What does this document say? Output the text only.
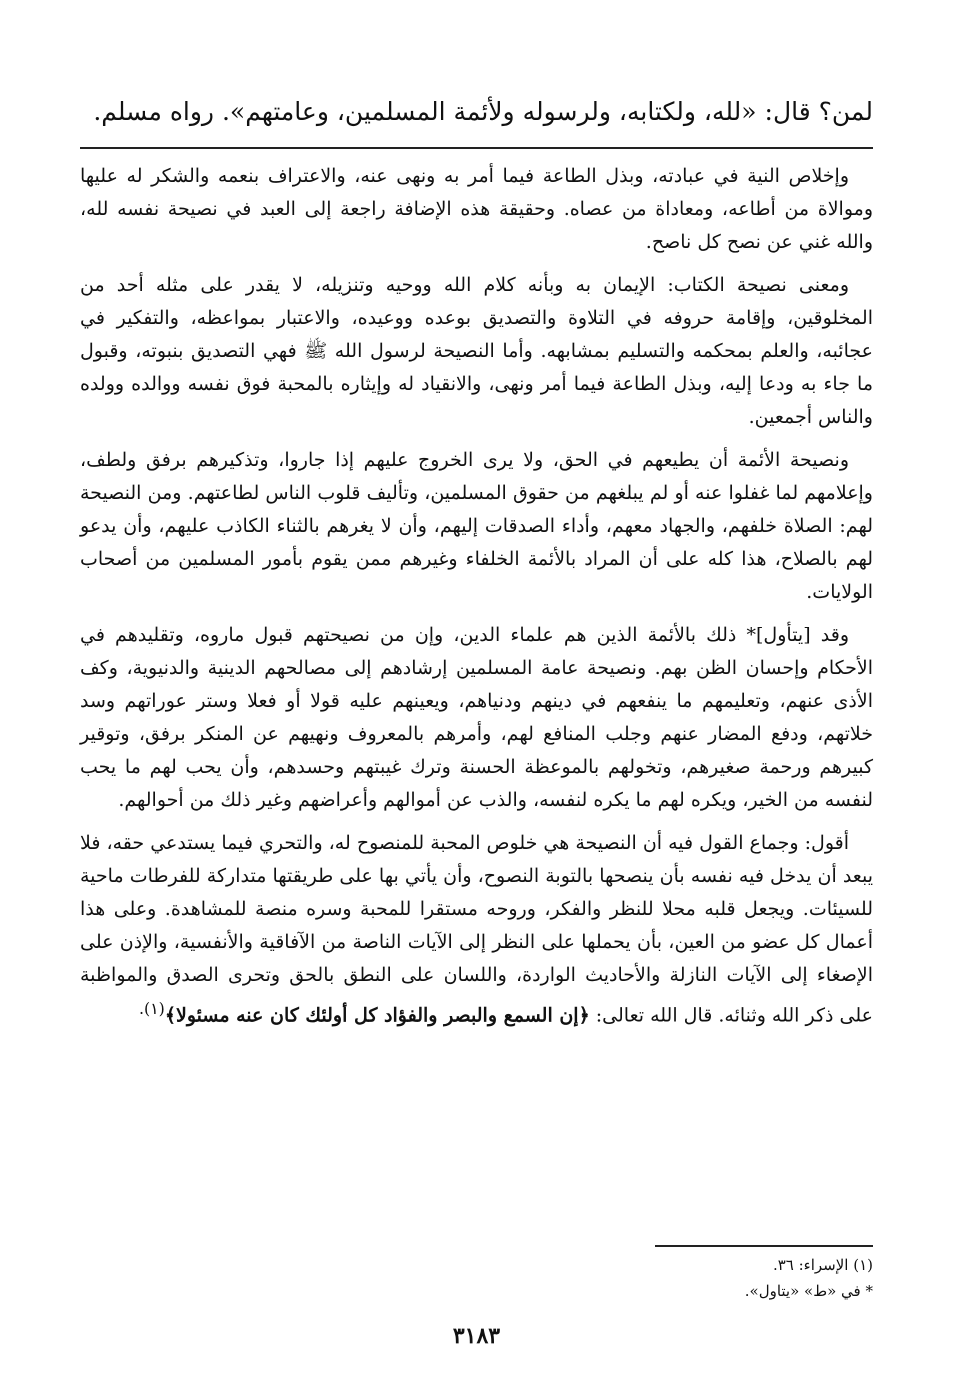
لمن؟ قال: «لله، ولكتابه، ولرسوله ولأئمة المسلمين، وعامتهم». رواه مسلم.

وإخلاص النية في عبادته، وبذل الطاعة فيما أمر به ونهى عنه، والاعتراف بنعمه والشكر له عليها وموالاة من أطاعه، ومعاداة من عصاه. وحقيقة هذه الإضافة راجعة إلى العبد في نصيحة نفسه لله، والله غني عن نصح كل ناصح.

ومعنى نصيحة الكتاب: الإيمان به وبأنه كلام الله ووحيه وتنزيله، لا يقدر على مثله أحد من المخلوقين، وإقامة حروفه في التلاوة والتصديق بوعده ووعيده، والاعتبار بمواعظه، والتفكير في عجائبه، والعلم بمحكمه والتسليم بمشابهه. وأما النصيحة لرسول الله ﷺ فهي التصديق بنبوته، وقبول ما جاء به ودعا إليه، وبذل الطاعة فيما أمر ونهى، والانقياد له وإيثاره بالمحبة فوق نفسه ووالده وولده والناس أجمعين.

ونصيحة الأئمة أن يطيعهم في الحق، ولا يرى الخروج عليهم إذا جاروا، وتذكيرهم برفق ولطف، وإعلامهم لما غفلوا عنه أو لم يبلغهم من حقوق المسلمين، وتأليف قلوب الناس لطاعتهم. ومن النصيحة لهم: الصلاة خلفهم، والجهاد معهم، وأداء الصدقات إليهم، وأن لا يغرهم بالثناء الكاذب عليهم، وأن يدعو لهم بالصلاح، هذا كله على أن المراد بالأئمة الخلفاء وغيرهم ممن يقوم بأمور المسلمين من أصحاب الولايات.

وقد [يتأول]* ذلك بالأئمة الذين هم علماء الدين، وإن من نصيحتهم قبول ماروه، وتقليدهم في الأحكام وإحسان الظن بهم. ونصيحة عامة المسلمين إرشادهم إلى مصالحهم الدينية والدنيوية، وكف الأذى عنهم، وتعليمهم ما ينفعهم في دينهم ودنياهم، ويعينهم عليه قولا أو فعلا وستر عوراتهم وسد خلاتهم، ودفع المضار عنهم وجلب المنافع لهم، وأمرهم بالمعروف ونهيهم عن المنكر برفق، وتوقير كبيرهم ورحمة صغيرهم، وتخولهم بالموعظة الحسنة وترك غيبتهم وحسدهم، وأن يحب لهم ما يحب لنفسه من الخير، ويكره لهم ما يكره لنفسه، والذب عن أموالهم وأعراضهم وغير ذلك من أحوالهم.

أقول: وجماع القول فيه أن النصيحة هي خلوص المحبة للمنصوح له، والتحري فيما يستدعي حقه، فلا يبعد أن يدخل فيه نفسه بأن ينصحها بالتوبة النصوح، وأن يأتي بها على طريقتها متداركة للفرطات ماحية للسيئات. ويجعل قلبه محلا للنظر والفكر، وروحه مستقرا للمحبة وسره منصة للمشاهدة. وعلى هذا أعمال كل عضو من العين، بأن يحملها على النظر إلى الآيات الناصة من الآفاقية والأنفسية، والإذن على الإصغاء إلى الآيات النازلة والأحاديث الواردة، واللسان على النطق بالحق وتحرى الصدق والمواظبة على ذكر الله وثنائه. قال الله تعالى: ﴿إن السمع والبصر والفؤاد كل أولئك كان عنه مسئولا﴾$^{(١).}$

(١) الإسراء: ٣٦.

* في «ط» «يتاول».

٣١٨٣
